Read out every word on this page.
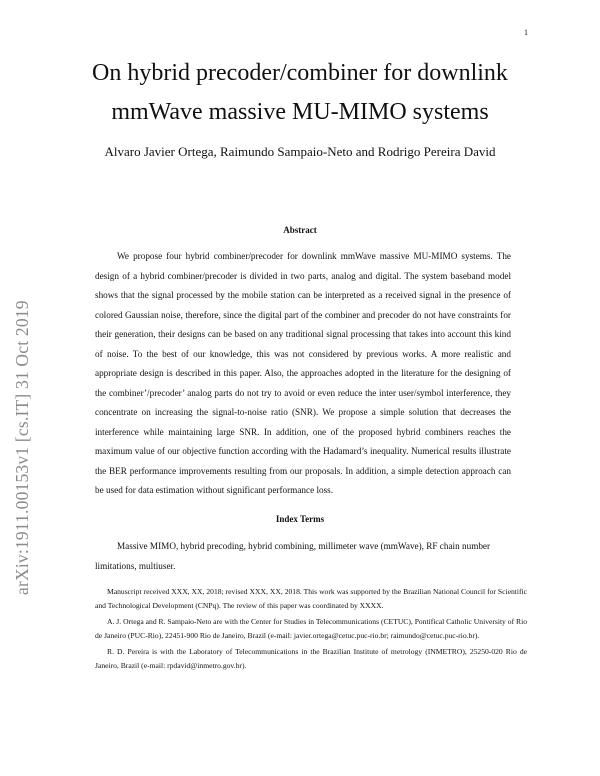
1
arXiv:1911.00153v1 [cs.IT] 31 Oct 2019
On hybrid precoder/combiner for downlink mmWave massive MU-MIMO systems

Alvaro Javier Ortega, Raimundo Sampaio-Neto and Rodrigo Pereira David

Abstract

We propose four hybrid combiner/precoder for downlink mmWave massive MU-MIMO systems. The design of a hybrid combiner/precoder is divided in two parts, analog and digital. The system baseband model shows that the signal processed by the mobile station can be interpreted as a received signal in the presence of colored Gaussian noise, therefore, since the digital part of the combiner and precoder do not have constraints for their generation, their designs can be based on any traditional signal processing that takes into account this kind of noise. To the best of our knowledge, this was not considered by previous works. A more realistic and appropriate design is described in this paper. Also, the approaches adopted in the literature for the designing of the combiner’/precoder’ analog parts do not try to avoid or even reduce the inter user/symbol interference, they concentrate on increasing the signal-to-noise ratio (SNR). We propose a simple solution that decreases the interference while maintaining large SNR. In addition, one of the proposed hybrid combiners reaches the maximum value of our objective function according with the Hadamard’s inequality. Numerical results illustrate the BER performance improvements resulting from our proposals. In addition, a simple detection approach can be used for data estimation without significant performance loss.

Index Terms

Massive MIMO, hybrid precoding, hybrid combining, millimeter wave (mmWave), RF chain number limitations, multiuser.

Manuscript received XXX, XX, 2018; revised XXX, XX, 2018. This work was supported by the Brazilian National Council for Scientific and Technological Development (CNPq). The review of this paper was coordinated by XXXX.

A. J. Ortega and R. Sampaio-Neto are with the Center for Studies in Telecommunications (CETUC), Pontifical Catholic University of Rio de Janeiro (PUC-Rio), 22451-900 Rio de Janeiro, Brazil (e-mail: javier.ortega@cetuc.puc-rio.br; raimundo@cetuc.puc-rio.br).

R. D. Pereira is with the Laboratory of Telecommunications in the Brazilian Institute of metrology (INMETRO), 25250-020 Rio de Janeiro, Brazil (e-mail: rpdavid@inmetro.gov.br).
